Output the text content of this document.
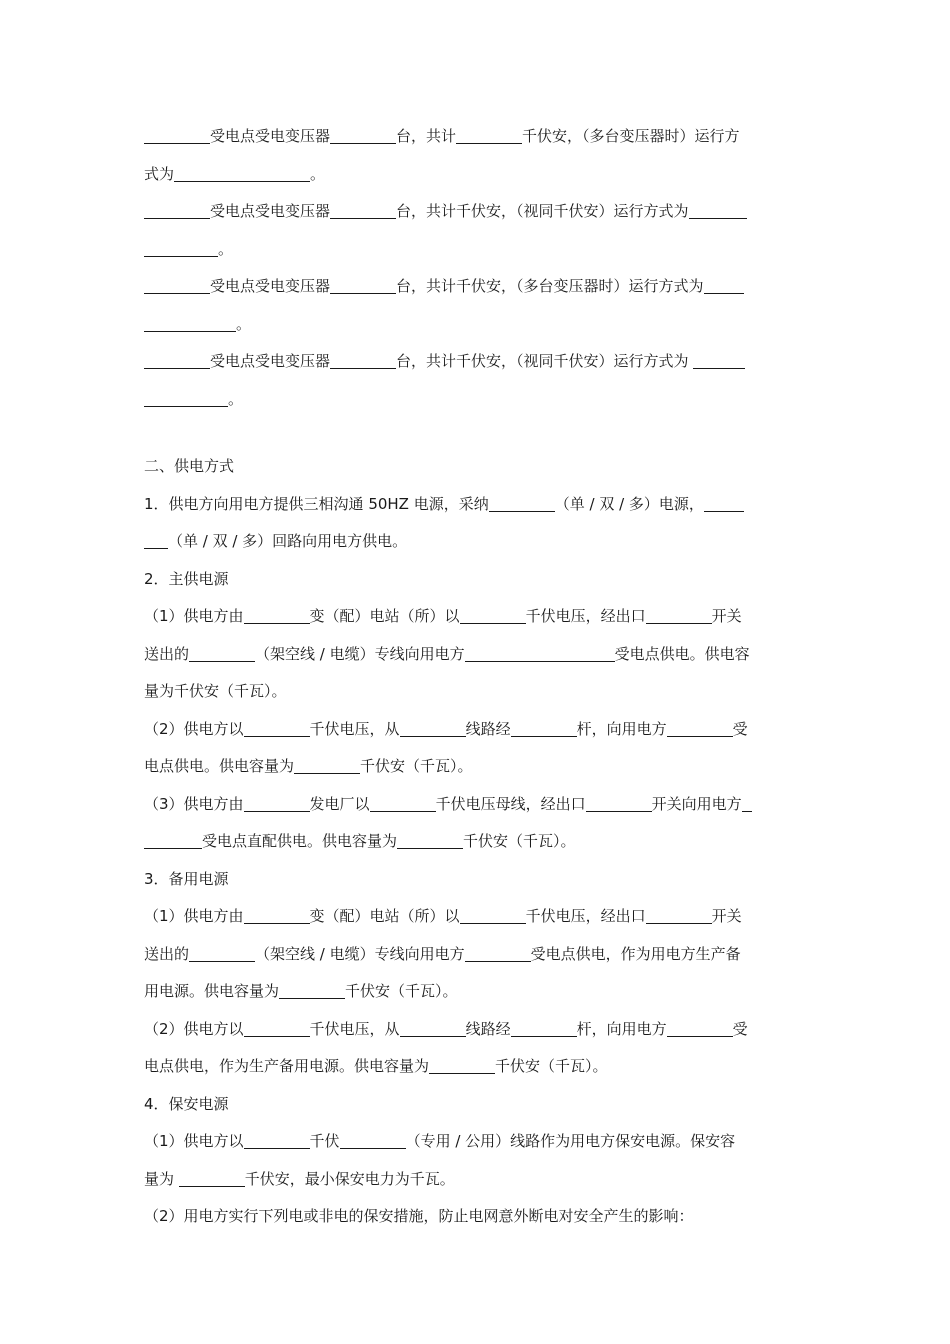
受电点受电变压器	台，共计	千伏安，（多台变压器时）运行方
式为	。
受电点受电变压器	台，共计千伏安，（视同千伏安）运行方式为
。
受电点受电变压器	台，共计千伏安，（多台变压器时）运行方式为
。
受电点受电变压器	台，共计千伏安，（视同千伏安）运行方式为
。
二、供电方式
1．供电方向用电方提供三相沟通 50HZ 电源，采纳	（单 / 双 / 多）电源，
（单 / 双 / 多）回路向用电方供电。
2．主供电源
（1）供电方由	变（配）电站（所）以	千伏电压，经出口	开关
送出的	（架空线 / 电缆）专线向用电方	受电点供电。供电容
量为千伏安（千瓦）。
（2）供电方以	千伏电压，从	线路经	杆，向用电方	受
电点供电。供电容量为	千伏安（千瓦）。
（3）供电方由	发电厂以	千伏电压母线，经出口	开关向用电方
受电点直配供电。供电容量为	千伏安（千瓦）。
3．备用电源
（1）供电方由	变（配）电站（所）以	千伏电压，经出口	开关
送出的	（架空线 / 电缆）专线向用电方	受电点供电，作为用电方生产备
用电源。供电容量为	千伏安（千瓦）。
（2）供电方以	千伏电压，从	线路经	杆，向用电方	受
电点供电，作为生产备用电源。供电容量为	千伏安（千瓦）。
4．保安电源
（1）供电方以	千伏	（专用 / 公用）线路作为用电方保安电源。保安容
量为	千伏安，最小保安电力为千瓦。
（2）用电方实行下列电或非电的保安措施，防止电网意外断电对安全产生的影响：
